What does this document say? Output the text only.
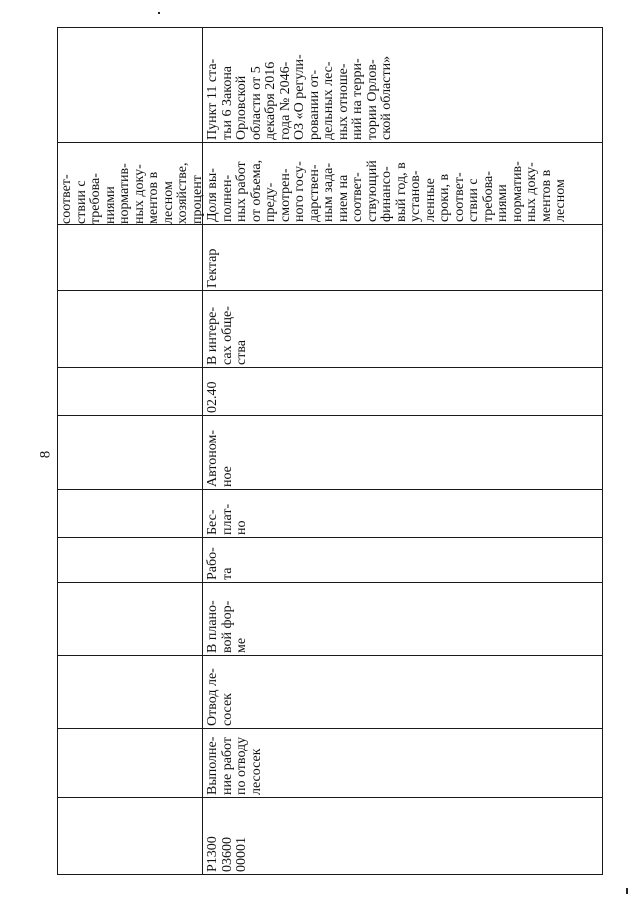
8
соответ-
ствии с
требова-
ниями
норматив-
ных доку-
ментов в
лесном
хозяйстве,
процент
Р1300
03600
00001
Выполне-
ние работ
по отводу
лесосек
Отвод ле-
сосек
В плано-
вой фор-
ме
Рабо-
та
Бес-
плат-
но
Автоном-
ное
02.40
В интере-
сах обще-
ства
Гектар
Доля вы-
полнен-
ных работ
от объема,
преду-
смотрен-
ного госу-
дарствен-
ным зада-
нием на
соответ-
ствующий
финансо-
вый год, в
установ-
ленные
сроки, в
соответ-
ствии с
требова-
ниями
норматив-
ных доку-
ментов в
лесном
Пункт 11 ста-
тьи 6 Закона
Орловской
области от 5
декабря 2016
года № 2046-
ОЗ «О регули-
ровании от-
дельных лес-
ных отноше-
ний на терри-
тории Орлов-
ской области»
